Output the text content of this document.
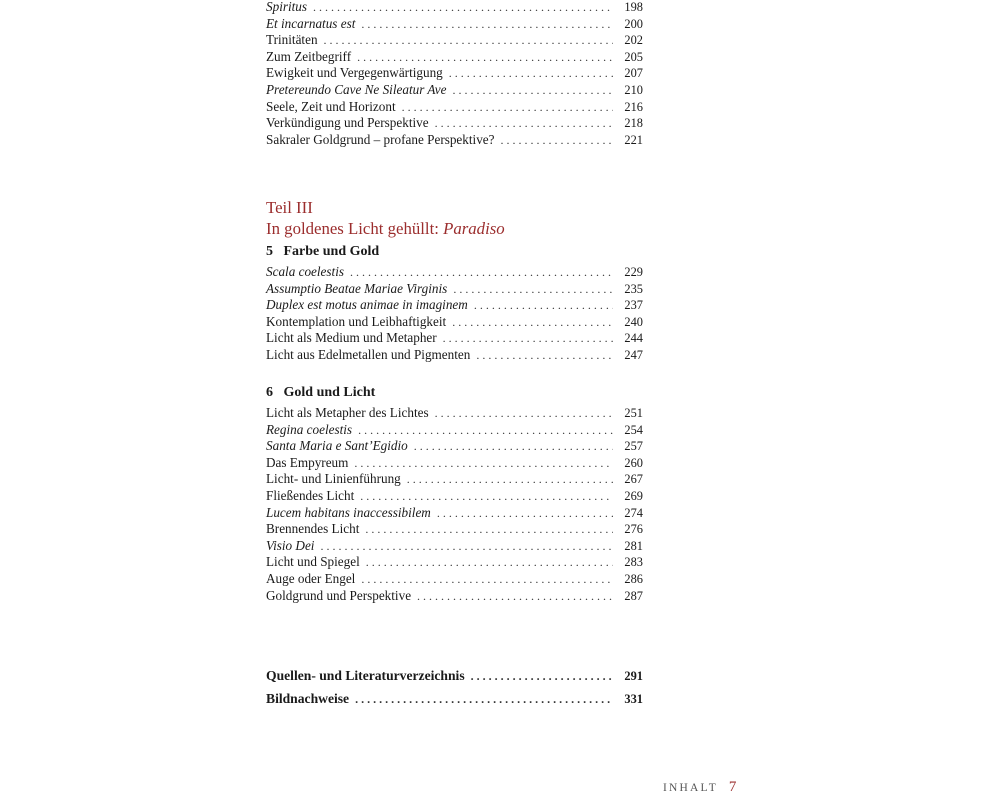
Spiritus . . .	198
Et incarnatus est . . .	200
Trinitäten . . .	202
Zum Zeitbegriff . . .	205
Ewigkeit und Vergegenwärtigung . . .	207
Pretereundo Cave Ne Sileatur Ave . . .	210
Seele, Zeit und Horizont . . .	216
Verkündigung und Perspektive . . .	218
Sakraler Goldgrund – profane Perspektive? . . .	221
Teil III
In goldenes Licht gehüllt: Paradiso
5 Farbe und Gold
Scala coelestis . . .	229
Assumptio Beatae Mariae Virginis . . .	235
Duplex est motus animae in imaginem . . .	237
Kontemplation und Leibhaftigkeit . . .	240
Licht als Medium und Metapher . . .	244
Licht aus Edelmetallen und Pigmenten . . .	247
6 Gold und Licht
Licht als Metapher des Lichtes . . .	251
Regina coelestis . . .	254
Santa Maria e Sant’Egidio . . .	257
Das Empyreum . . .	260
Licht- und Linienführung . . .	267
Fließendes Licht . . .	269
Lucem habitans inaccessibilem . . .	274
Brennendes Licht . . .	276
Visio Dei . . .	281
Licht und Spiegel . . .	283
Auge oder Engel . . .	286
Goldgrund und Perspektive . . .	287
Quellen- und Literaturverzeichnis . . .	291
Bildnachweise . . .	331
INHALT 7
